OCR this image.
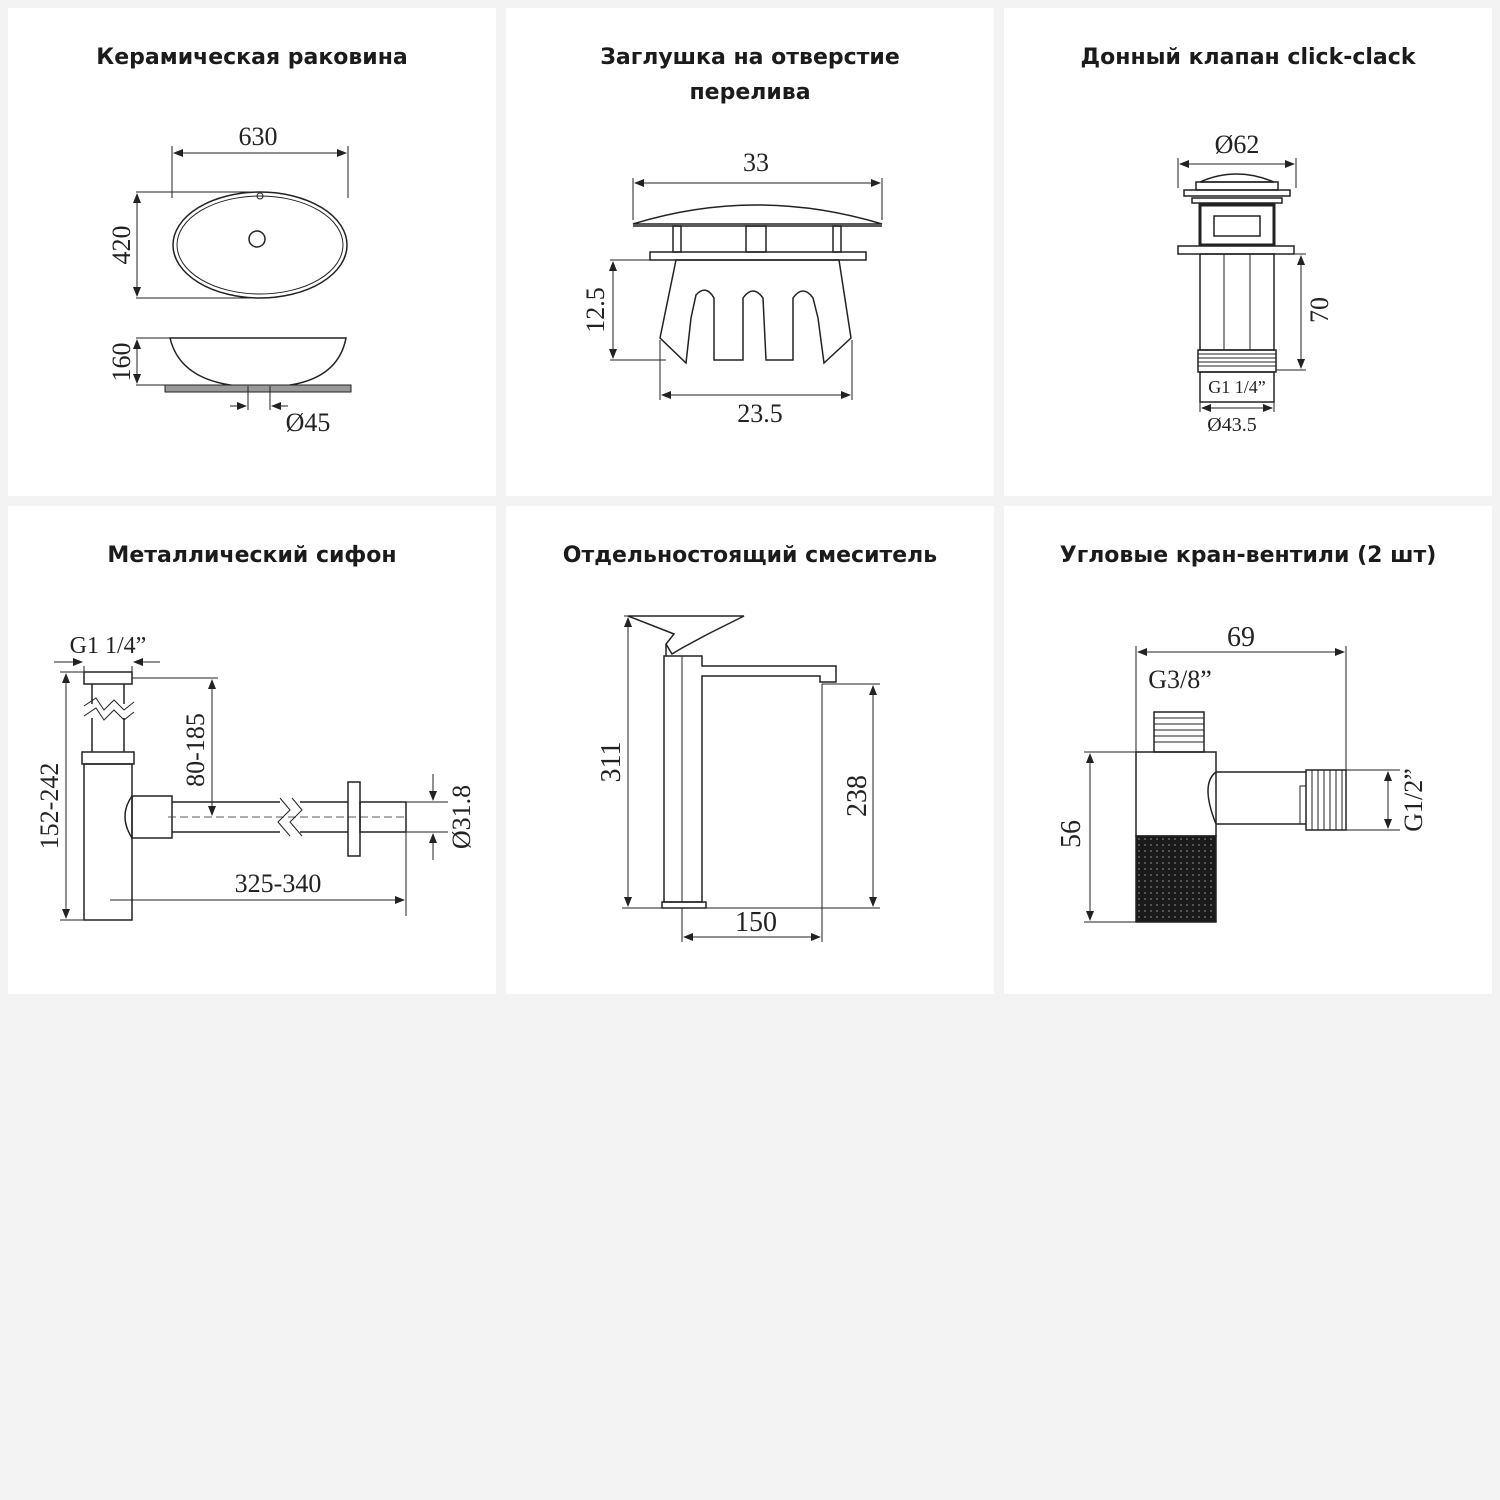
Керамическая раковина
630
420
160
Ø45
Заглушка на отверстие
перелива
33
12.5
23.5
Донный клапан click-clack
G1 1/4”
Ø62
70
Ø43.5
Металлический сифон
G1 1/4”
80-185
152-242
325-340
Ø31.8
Отдельностоящий смеситель
311
238
150
Угловые кран-вентили (2 шт)
69
G3/8”
56
G1/2”
